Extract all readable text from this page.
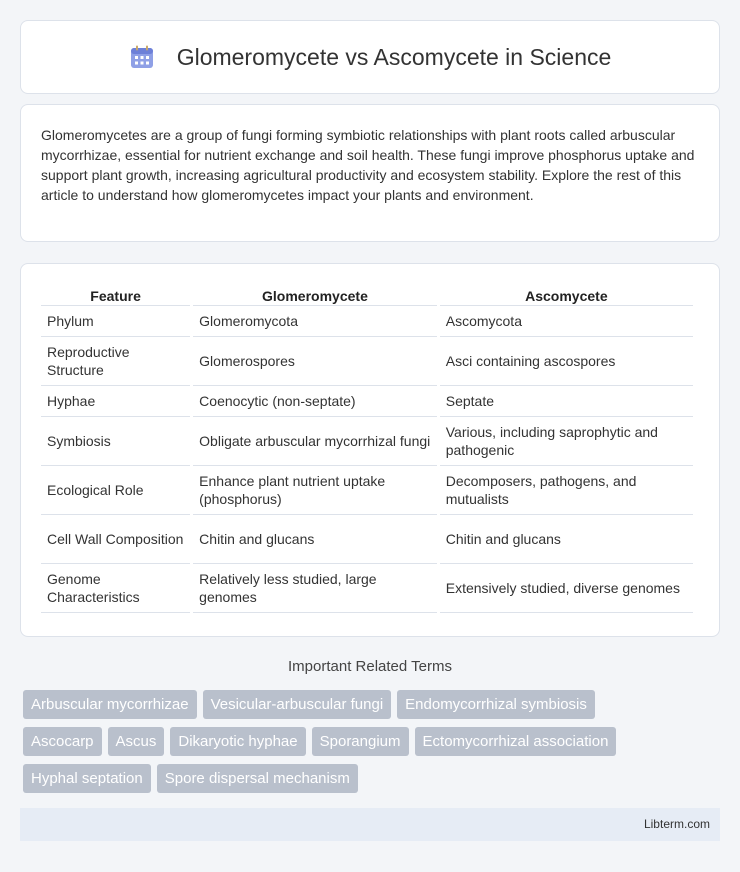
Glomeromycete vs Ascomycete in Science

Glomeromycetes are a group of fungi forming symbiotic relationships with plant roots called arbuscular mycorrhizae, essential for nutrient exchange and soil health. These fungi improve phosphorus uptake and support plant growth, increasing agricultural productivity and ecosystem stability. Explore the rest of this article to understand how glomeromycetes impact your plants and environment.

Feature	Glomeromycete	Ascomycete
Phylum	Glomeromycota	Ascomycota
Reproductive Structure	Glomerospores	Asci containing ascospores
Hyphae	Coenocytic (non-septate)	Septate
Symbiosis	Obligate arbuscular mycorrhizal fungi	Various, including saprophytic and pathogenic
Ecological Role	Enhance plant nutrient uptake (phosphorus)	Decomposers, pathogens, and mutualists
Cell Wall Composition	Chitin and glucans	Chitin and glucans
Genome Characteristics	Relatively less studied, large genomes	Extensively studied, diverse genomes
Important Related Terms
Arbuscular mycorrhizae	Vesicular-arbuscular fungi	Endomycorrhizal symbiosis
Ascocarp	Ascus	Dikaryotic hyphae	Sporangium	Ectomycorrhizal association
Hyphal septation	Spore dispersal mechanism
Libterm.com
